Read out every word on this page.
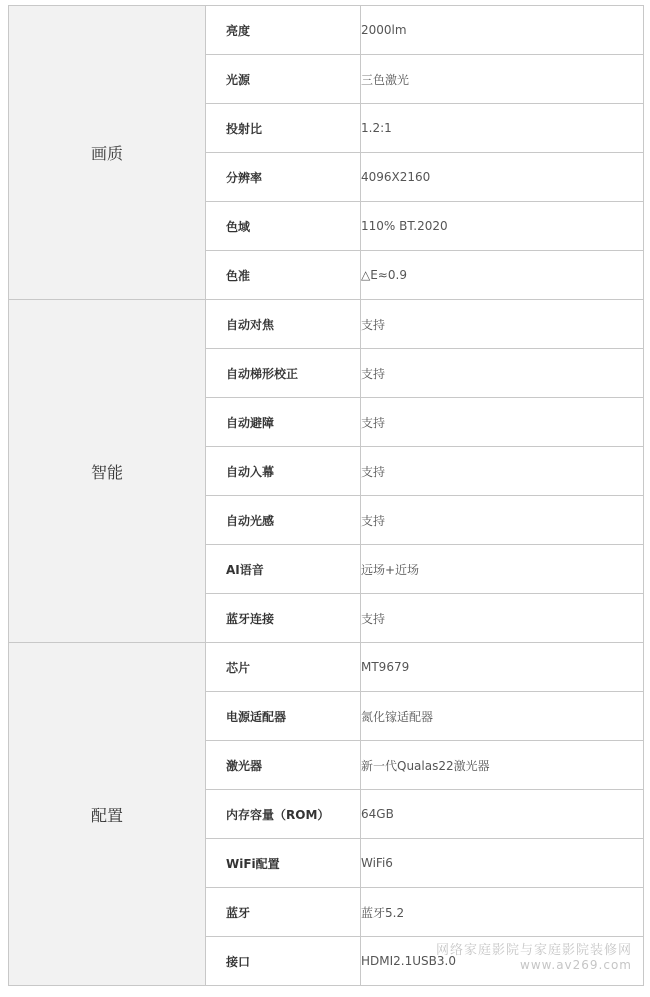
画质	亮度	2000lm
	光源	三色激光
	投射比	1.2:1
	分辨率	4096X2160
	色域	110% BT.2020
	色准	△E≈0.9
智能	自动对焦	支持
	自动梯形校正	支持
	自动避障	支持
	自动入幕	支持
	自动光感	支持
	AI语音	远场+近场
	蓝牙连接	支持
配置	芯片	MT9679
	电源适配器	氮化镓适配器
	激光器	新一代Qualas22激光器
	内存容量（ROM）	64GB
	WiFi配置	WiFi6
	蓝牙	蓝牙5.2
	接口	HDMI2.1USB3.0
网络家庭影院与家庭影院装修网
www.av269.com
